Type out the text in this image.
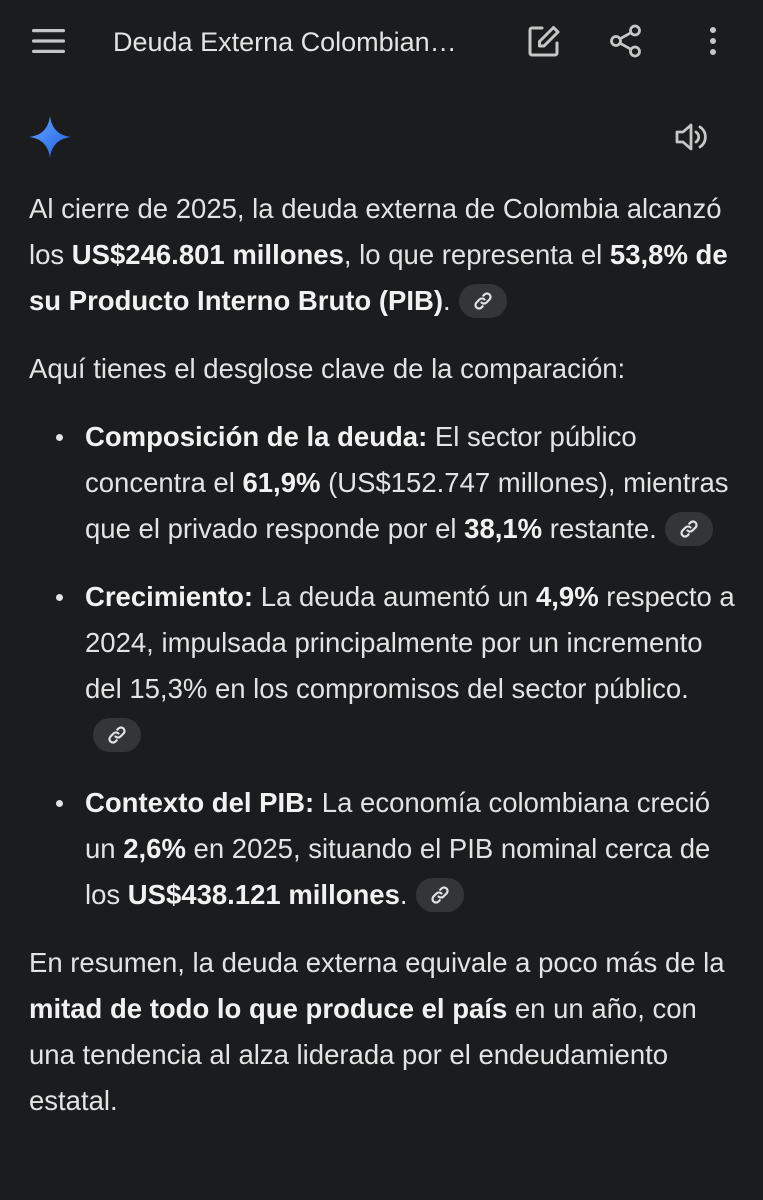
Deuda Externa Colombian…

Al cierre de 2025, la deuda externa de Colombia alcanzó los US$246.801 millones, lo que representa el 53,8% de su Producto Interno Bruto (PIB).

Aquí tienes el desglose clave de la comparación:

Composición de la deuda: El sector público concentra el 61,9% (US$152.747 millones), mientras que el privado responde por el 38,1% restante.
Crecimiento: La deuda aumentó un 4,9% respecto a 2024, impulsada principalmente por un incremento del 15,3% en los compromisos del sector público.
Contexto del PIB: La economía colombiana creció un 2,6% en 2025, situando el PIB nominal cerca de los US$438.121 millones.

En resumen, la deuda externa equivale a poco más de la mitad de todo lo que produce el país en un año, con una tendencia al alza liderada por el endeudamiento estatal.
